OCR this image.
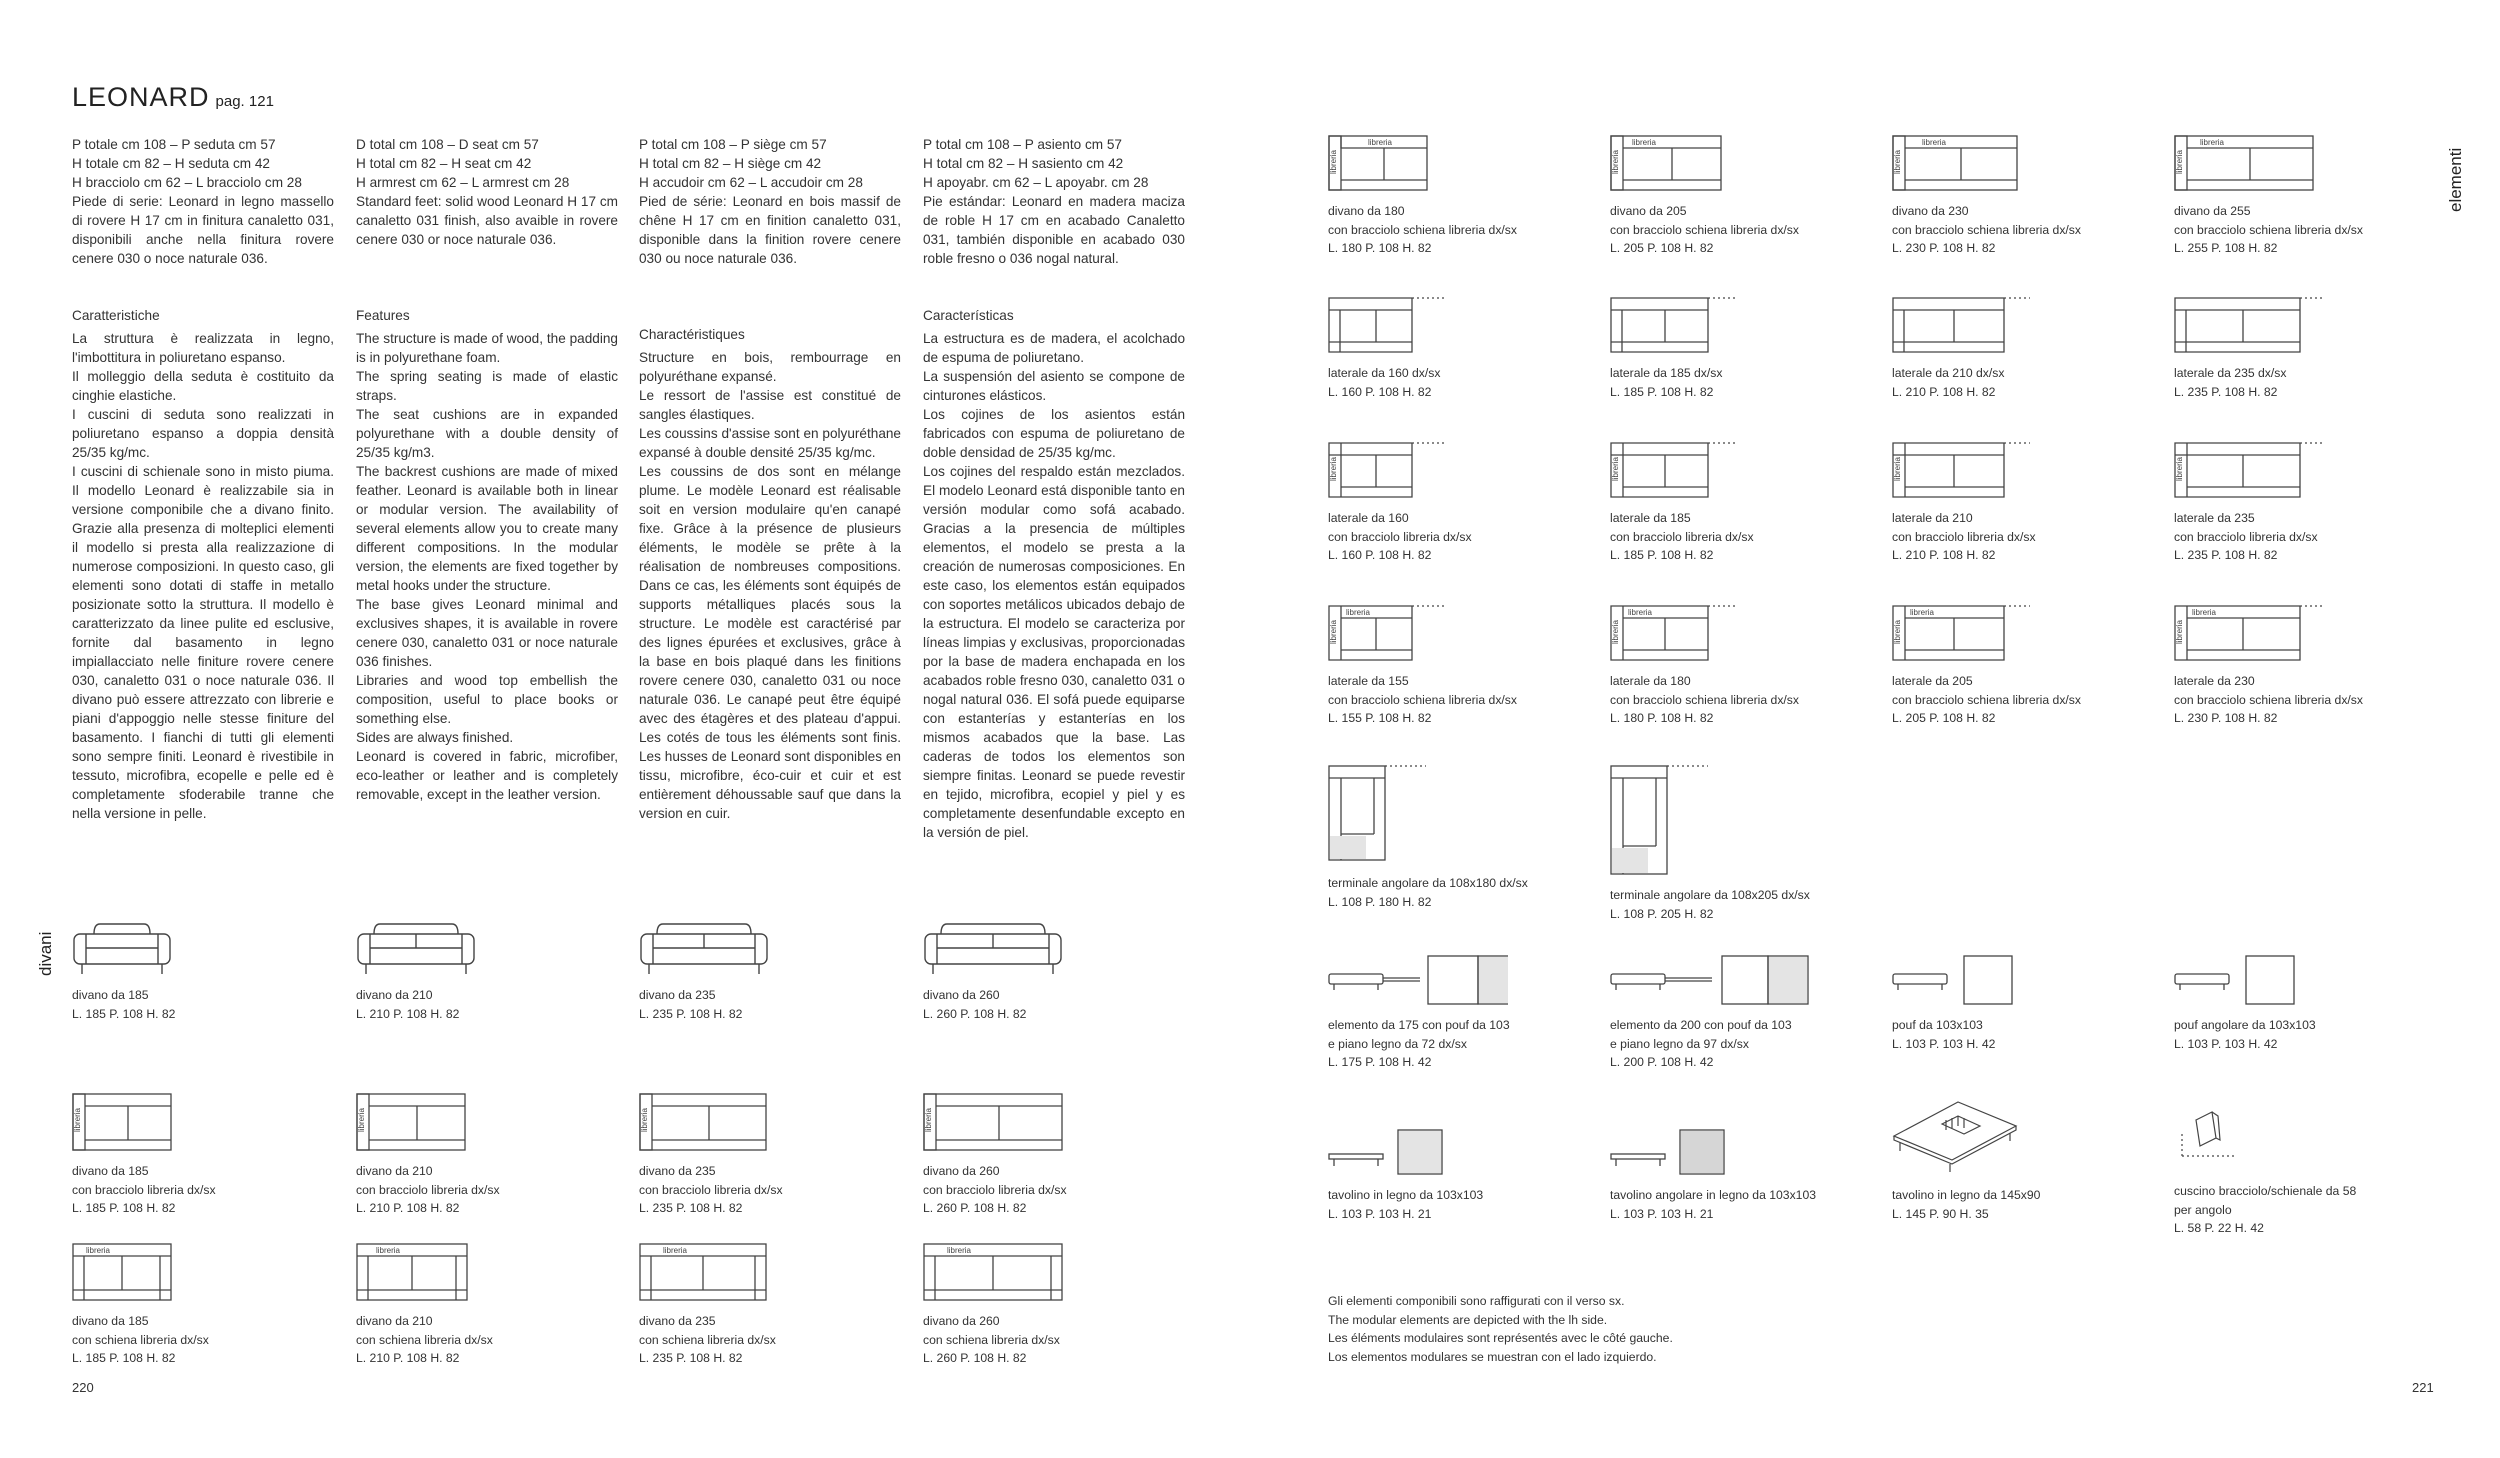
LEONARD pag. 121

P totale cm 108 – P seduta cm 57
H totale cm 82 – H seduta cm 42
H bracciolo cm 62 – L bracciolo cm 28

Piede di serie: Leonard in legno massello di rovere H 17 cm in finitura canaletto 031, disponibili anche nella finitura rovere cenere 030 o noce naturale 036.

Caratteristiche

La struttura è realizzata in legno, l'imbottitura in poliuretano espanso.
Il molleggio della seduta è costituito da cinghie elastiche.
I cuscini di seduta sono realizzati in poliuretano espanso a doppia densità 25/35 kg/mc.
I cuscini di schienale sono in misto piuma. Il modello Leonard è realizzabile sia in versione componibile che a divano finito. Grazie alla presenza di molteplici elementi il modello si presta alla realizzazione di numerose composizioni. In questo caso, gli elementi sono dotati di staffe in metallo posizionate sotto la struttura. Il modello è caratterizzato da linee pulite ed esclusive, fornite dal basamento in legno impiallacciato nelle finiture rovere cenere 030, canaletto 031 o noce naturale 036. Il divano può essere attrezzato con librerie e piani d'appoggio nelle stesse finiture del basamento. I fianchi di tutti gli elementi sono sempre finiti. Leonard è rivestibile in tessuto, microfibra, ecopelle e pelle ed è completamente sfoderabile tranne che nella versione in pelle.

D total cm 108 – D seat cm 57
H total cm 82 – H seat cm 42
H armrest cm 62 – L armrest cm 28

Standard feet: solid wood Leonard H 17 cm canaletto 031 finish, also avaible in rovere cenere 030 or noce naturale 036.

Features

The structure is made of wood, the padding is in polyurethane foam.
The spring seating is made of elastic straps.
The seat cushions are in expanded polyurethane with a double density of 25/35 kg/m3.
The backrest cushions are made of mixed feather. Leonard is available both in linear or modular version. The availability of several elements allow you to create many different compositions. In the modular version, the elements are fixed together by metal hooks under the structure.
The base gives Leonard minimal and exclusives shapes, it is available in rovere cenere 030, canaletto 031 or noce naturale 036 finishes.
Libraries and wood top embellish the composition, useful to place books or something else.
Sides are always finished.
Leonard is covered in fabric, microfiber, eco-leather or leather and is completely removable, except in the leather version.

P total cm 108 – P siège cm 57
H total cm 82 – H siège cm 42
H accudoir cm 62 – L accudoir cm 28

Pied de série: Leonard en bois massif de chêne H 17 cm en finition canaletto 031, disponible dans la finition rovere cenere 030 ou noce naturale 036.

Charactéristiques

Structure en bois, rembourrage en polyuréthane expansé.
Le ressort de l'assise est constitué de sangles élastiques.
Les coussins d'assise sont en polyuréthane expansé à double densité 25/35 kg/mc.
Les coussins de dos sont en mélange plume. Le modèle Leonard est réalisable soit en version modulaire qu'en canapé fixe. Grâce à la présence de plusieurs éléments, le modèle se prête à la réalisation de nombreuses compositions. Dans ce cas, les éléments sont équipés de supports métalliques placés sous la structure. Le modèle est caractérisé par des lignes épurées et exclusives, grâce à la base en bois plaqué dans les finitions rovere cenere 030, canaletto 031 ou noce naturale 036. Le canapé peut être équipé avec des étagères et des plateau d'appui. Les cotés de tous les éléments sont finis. Les husses de Leonard sont disponibles en tissu, microfibre, éco-cuir et cuir et est entièrement déhoussable sauf que dans la version en cuir.

P total cm 108 – P asiento cm 57
H total cm 82 – H sasiento cm 42
H apoyabr. cm 62 – L apoyabr. cm 28

Pie estándar: Leonard en madera maciza de roble H 17 cm en acabado Canaletto 031, también disponible en acabado 030 roble fresno o 036 nogal natural.

Características

La estructura es de madera, el acolchado de espuma de poliuretano.
La suspensión del asiento se compone de cinturones elásticos.
Los cojines de los asientos están fabricados con espuma de poliuretano de doble densidad de 25/35 kg/mc.
Los cojines del respaldo están mezclados. El modelo Leonard está disponible tanto en versión modular como sofá acabado. Gracias a la presencia de múltiples elementos, el modelo se presta a la creación de numerosas composiciones. En este caso, los elementos están equipados con soportes metálicos ubicados debajo de la estructura. El modelo se caracteriza por líneas limpias y exclusivas, proporcionadas por la base de madera enchapada en los acabados roble fresno 030, canaletto 031 o nogal natural 036. El sofá puede equiparse con estanterías y estanterías en los mismos acabados que la base. Las caderas de todos los elementos son siempre finitas. Leonard se puede revestir en tejido, microfibra, ecopiel y piel y es completamente desenfundable excepto en la versión de piel.

divani
elementi
divano da 185
L. 185 P. 108 H. 82
divano da 210
L. 210 P. 108 H. 82
divano da 235
L. 235 P. 108 H. 82
divano da 260
L. 260 P. 108 H. 82
libreria
divano da 185
con bracciolo libreria dx/sx
L. 185 P. 108 H. 82
libreria
divano da 210
con bracciolo libreria dx/sx
L. 210 P. 108 H. 82
libreria
divano da 235
con bracciolo libreria dx/sx
L. 235 P. 108 H. 82
libreria
divano da 260
con bracciolo libreria dx/sx
L. 260 P. 108 H. 82
libreria
divano da 185
con schiena libreria dx/sx
L. 185 P. 108 H. 82
libreria
divano da 210
con schiena libreria dx/sx
L. 210 P. 108 H. 82
libreria
divano da 235
con schiena libreria dx/sx
L. 235 P. 108 H. 82
libreria
divano da 260
con schiena libreria dx/sx
L. 260 P. 108 H. 82
libreria
libreria
divano da 180
con bracciolo schiena libreria dx/sx
L. 180 P. 108 H. 82
libreria
libreria
divano da 205
con bracciolo schiena libreria dx/sx
L. 205 P. 108 H. 82
libreria
libreria
divano da 230
con bracciolo schiena libreria dx/sx
L. 230 P. 108 H. 82
libreria
libreria
divano da 255
con bracciolo schiena libreria dx/sx
L. 255 P. 108 H. 82
laterale da 160 dx/sx
L. 160 P. 108 H. 82
laterale da 185 dx/sx
L. 185 P. 108 H. 82
laterale da 210 dx/sx
L. 210 P. 108 H. 82
laterale da 235 dx/sx
L. 235 P. 108 H. 82
libreria
laterale da 160
con bracciolo libreria dx/sx
L. 160 P. 108 H. 82
libreria
laterale da 185
con bracciolo libreria dx/sx
L. 185 P. 108 H. 82
libreria
laterale da 210
con bracciolo libreria dx/sx
L. 210 P. 108 H. 82
libreria
laterale da 235
con bracciolo libreria dx/sx
L. 235 P. 108 H. 82
libreria
libreria
laterale da 155
con bracciolo schiena libreria dx/sx
L. 155 P. 108 H. 82
libreria
libreria
laterale da 180
con bracciolo schiena libreria dx/sx
L. 180 P. 108 H. 82
libreria
libreria
laterale da 205
con bracciolo schiena libreria dx/sx
L. 205 P. 108 H. 82
libreria
libreria
laterale da 230
con bracciolo schiena libreria dx/sx
L. 230 P. 108 H. 82
terminale angolare da 108x180 dx/sx
L. 108 P. 180 H. 82	terminale angolare da 108x205 dx/sx
L. 108 P. 205 H. 82
elemento da 175 con pouf da 103
e piano legno da 72 dx/sx
L. 175 P. 108 H. 42
elemento da 200 con pouf da 103
e piano legno da 97 dx/sx
L. 200 P. 108 H. 42
pouf da 103x103
L. 103 P. 103 H. 42
pouf angolare da 103x103
L. 103 P. 103 H. 42
tavolino in legno da 103x103
L. 103 P. 103 H. 21
tavolino angolare in legno da 103x103
L. 103 P. 103 H. 21
tavolino in legno da 145x90
L. 145 P. 90 H. 35
cuscino bracciolo/schienale da 58
per angolo
L. 58 P. 22 H. 42
Gli elementi componibili sono raffigurati con il verso sx.
The modular elements are depicted with the lh side.
Les éléments modulaires sont représentés avec le côté gauche.
Los elementos modulares se muestran con el lado izquierdo.
220	221
